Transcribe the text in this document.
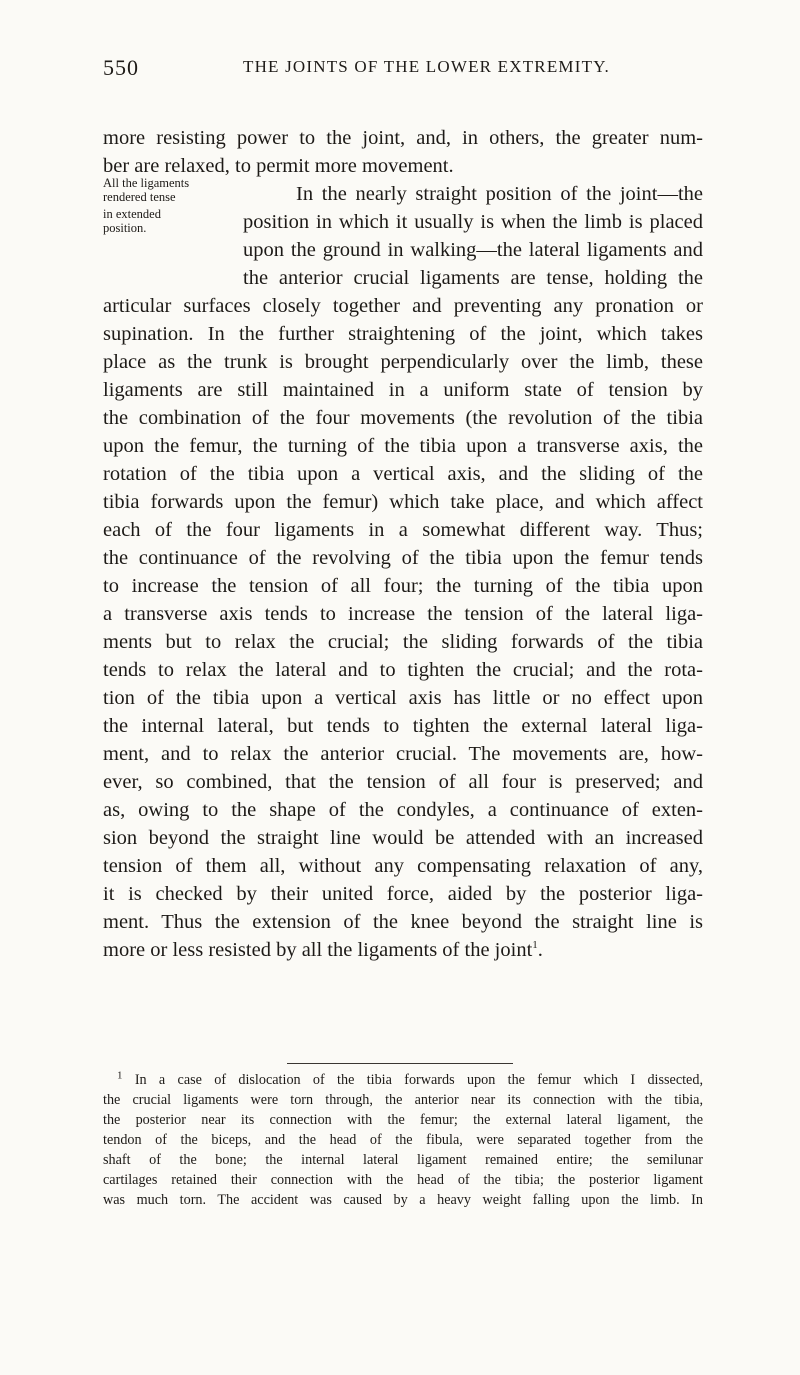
550	THE JOINTS OF THE LOWER EXTREMITY.
All the ligaments
rendered tense
in extended
position.
more resisting power to the joint, and, in others, the greater num-
ber are relaxed, to permit more movement.
In the nearly straight position of the joint—the
position in which it usually is when the limb is placed
upon the ground in walking—the lateral ligaments and
the anterior crucial ligaments are tense, holding the
articular surfaces closely together and preventing any pronation or
supination. In the further straightening of the joint, which takes
place as the trunk is brought perpendicularly over the limb, these
ligaments are still maintained in a uniform state of tension by
the combination of the four movements (the revolution of the tibia
upon the femur, the turning of the tibia upon a transverse axis, the
rotation of the tibia upon a vertical axis, and the sliding of the
tibia forwards upon the femur) which take place, and which affect
each of the four ligaments in a somewhat different way. Thus;
the continuance of the revolving of the tibia upon the femur tends
to increase the tension of all four; the turning of the tibia upon
a transverse axis tends to increase the tension of the lateral liga-
ments but to relax the crucial; the sliding forwards of the tibia
tends to relax the lateral and to tighten the crucial; and the rota-
tion of the tibia upon a vertical axis has little or no effect upon
the internal lateral, but tends to tighten the external lateral liga-
ment, and to relax the anterior crucial. The movements are, how-
ever, so combined, that the tension of all four is preserved; and
as, owing to the shape of the condyles, a continuance of exten-
sion beyond the straight line would be attended with an increased
tension of them all, without any compensating relaxation of any,
it is checked by their united force, aided by the posterior liga-
ment. Thus the extension of the knee beyond the straight line is
more or less resisted by all the ligaments of the joint$^1$.
$^1$ In a case of dislocation of the tibia forwards upon the femur which I dissected,
the crucial ligaments were torn through, the anterior near its connection with the tibia,
the posterior near its connection with the femur; the external lateral ligament, the
tendon of the biceps, and the head of the fibula, were separated together from the
shaft of the bone; the internal lateral ligament remained entire; the semilunar
cartilages retained their connection with the head of the tibia; the posterior ligament
was much torn. The accident was caused by a heavy weight falling upon the limb. In
